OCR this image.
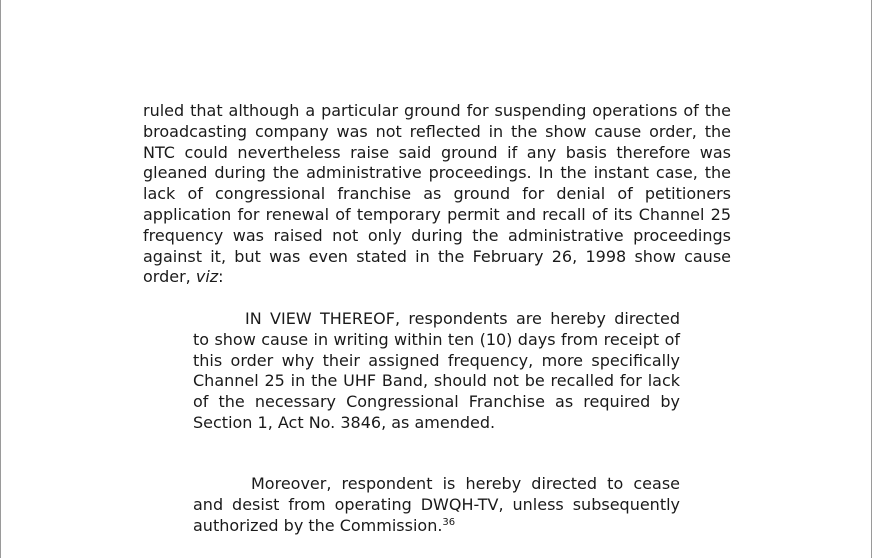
ruled that although a particular ground for suspending operations of the broadcasting company was not reflected in the show cause order, the NTC could nevertheless raise said ground if any basis therefore was gleaned during the administrative proceedings. In the instant case, the lack of congressional franchise as ground for denial of petitioners application for renewal of temporary permit and recall of its Channel 25 frequency was raised not only during the administrative proceedings against it, but was even stated in the February 26, 1998 show cause order, viz:

IN VIEW THEREOF, respondents are hereby directed to show cause in writing within ten (10) days from receipt of this order why their assigned frequency, more specifically Channel 25 in the UHF Band, should not be recalled for lack of the necessary Congressional Franchise as required by Section 1, Act No. 3846, as amended.

Moreover, respondent is hereby directed to cease and desist from operating DWQH-TV, unless subsequently authorized by the Commission.$^{36}$
